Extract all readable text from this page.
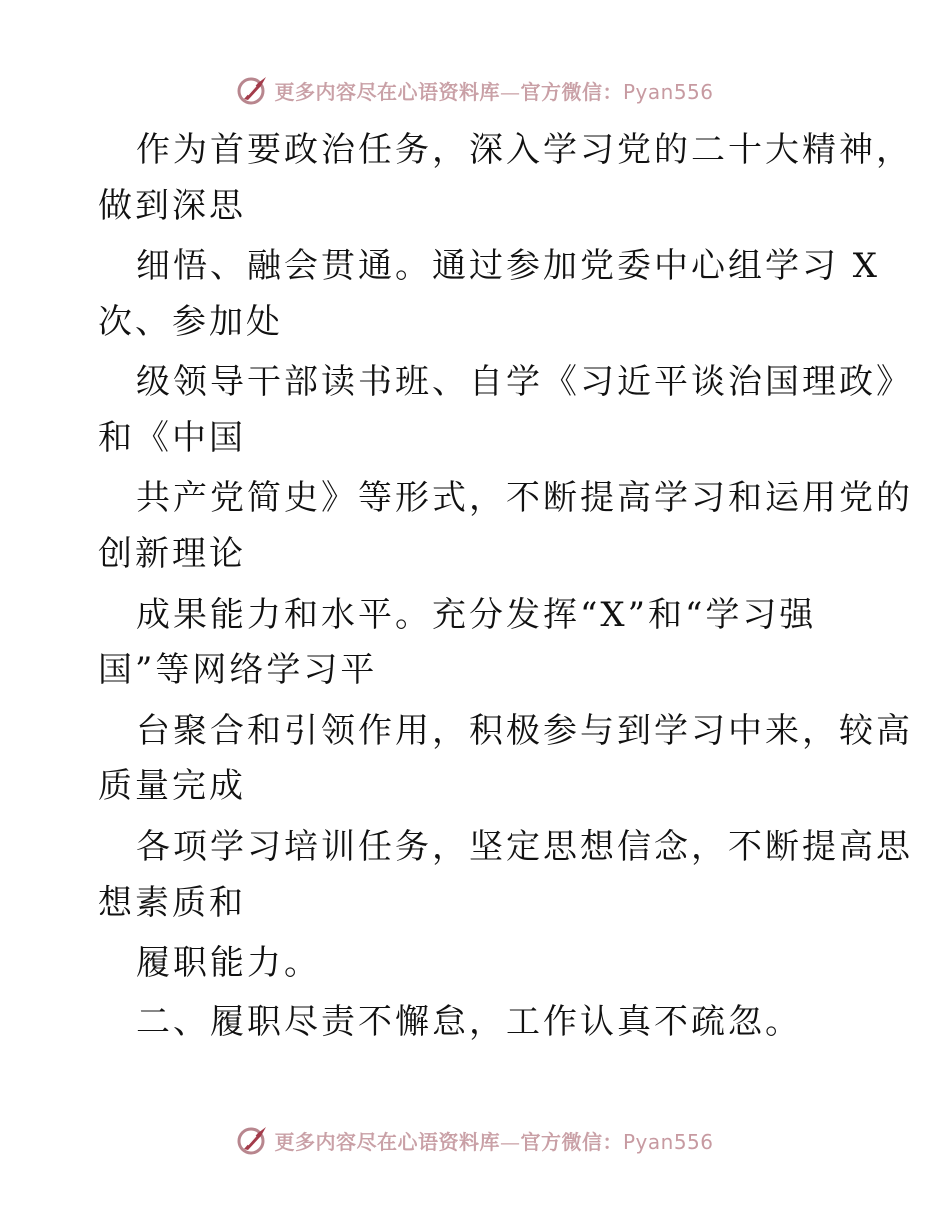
更多内容尽在心语资料库—官方微信：Pyan556
作为首要政治任务，深入学习党的二十大精神，
做到深思
细悟、融会贯通。通过参加党委中心组学习 X
次、参加处
级领导干部读书班、自学《习近平谈治国理政》
和《中国
共产党简史》等形式，不断提高学习和运用党的
创新理论
成果能力和水平。充分发挥“X”和“学习强
国”等网络学习平
台聚合和引领作用，积极参与到学习中来，较高
质量完成
各项学习培训任务，坚定思想信念，不断提高思
想素质和
履职能力。
二、履职尽责不懈怠，工作认真不疏忽。
更多内容尽在心语资料库—官方微信：Pyan556
